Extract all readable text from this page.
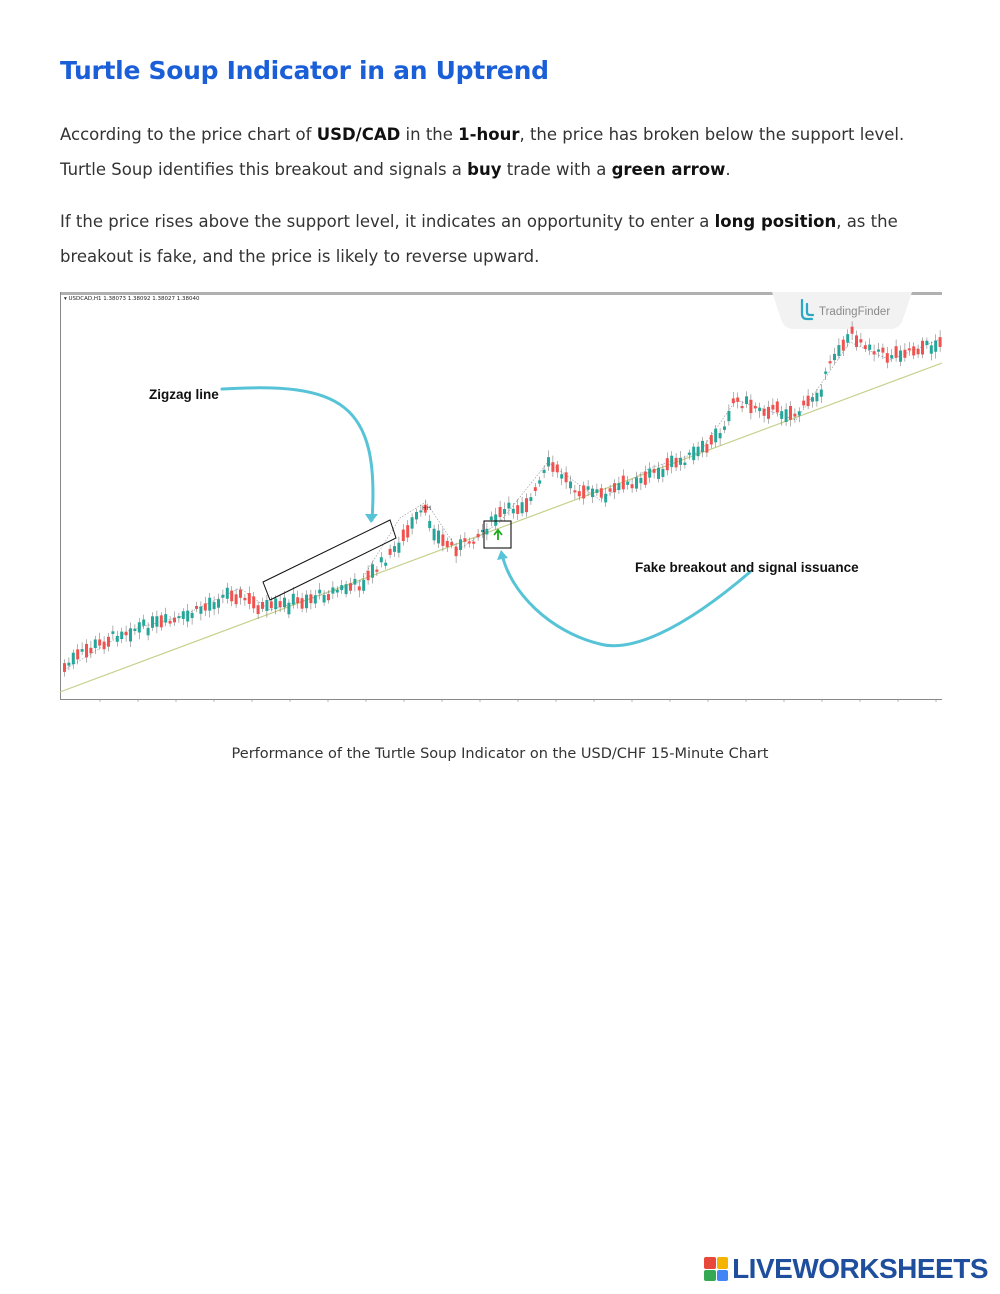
Turtle Soup Indicator in an Uptrend

According to the price chart of USD/CAD in the 1-hour, the price has broken below the support level. Turtle Soup identifies this breakout and signals a buy trade with a green arrow.

If the price rises above the support level, it indicates an opportunity to enter a long position, as the breakout is fake, and the price is likely to reverse upward.

▾ USDCAD,H1 1.38073 1.38092 1.38027 1.38040
TradingFinder
HH
Zigzag line
Fake breakout and signal issuance

Performance of the Turtle Soup Indicator on the USD/CHF 15-Minute Chart

LIVEWORKSHEETS
